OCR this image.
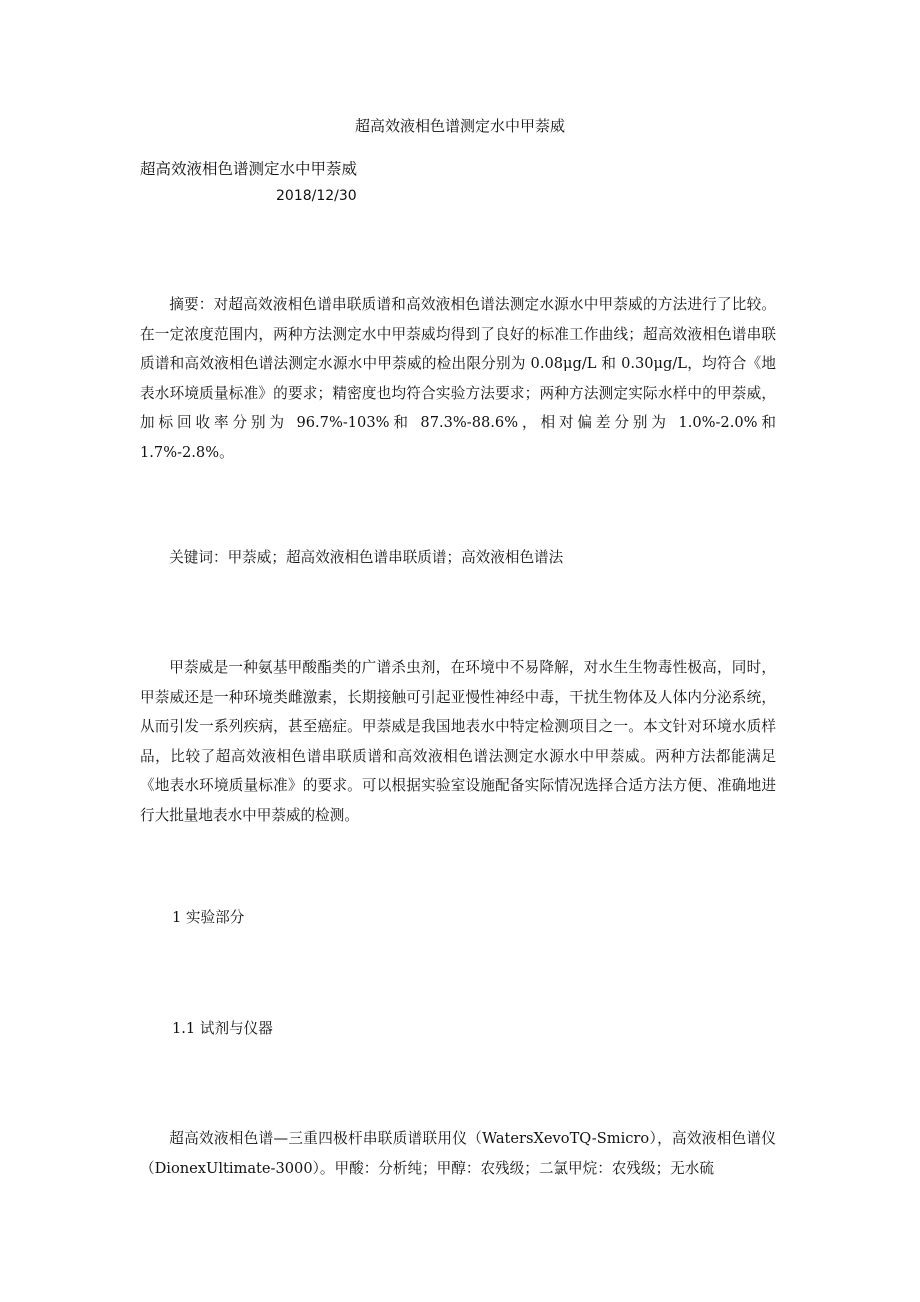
超高效液相色谱测定水中甲萘威
超高效液相色谱测定水中甲萘威
2018/12/30

摘要：对超高效液相色谱串联质谱和高效液相色谱法测定水源水中甲萘威的方法进行了比较。在一定浓度范围内，两种方法测定水中甲萘威均得到了良好的标准工作曲线；超高效液相色谱串联质谱和高效液相色谱法测定水源水中甲萘威的检出限分别为 0.08μg/L 和 0.30μg/L，均符合《地表水环境质量标准》的要求；精密度也均符合实验方法要求；两种方法测定实际水样中的甲萘威，加标回收率分别为 96.7%-103%和 87.3%-88.6%，相对偏差分别为 1.0%-2.0%和 1.7%-2.8%。

关键词：甲萘威；超高效液相色谱串联质谱；高效液相色谱法

甲萘威是一种氨基甲酸酯类的广谱杀虫剂，在环境中不易降解，对水生生物毒性极高，同时，甲萘威还是一种环境类雌激素，长期接触可引起亚慢性神经中毒，干扰生物体及人体内分泌系统，从而引发一系列疾病，甚至癌症。甲萘威是我国地表水中特定检测项目之一。本文针对环境水质样品，比较了超高效液相色谱串联质谱和高效液相色谱法测定水源水中甲萘威。两种方法都能满足《地表水环境质量标准》的要求。可以根据实验室设施配备实际情况选择合适方法方便、准确地进行大批量地表水中甲萘威的检测。

1 实验部分
1.1 试剂与仪器

超高效液相色谱—三重四极杆串联质谱联用仪（WatersXevoTQ-Smicro），高效液相色谱仪（DionexUltimate-3000）。甲酸：分析纯；甲醇：农残级；二氯甲烷：农残级；无水硫
